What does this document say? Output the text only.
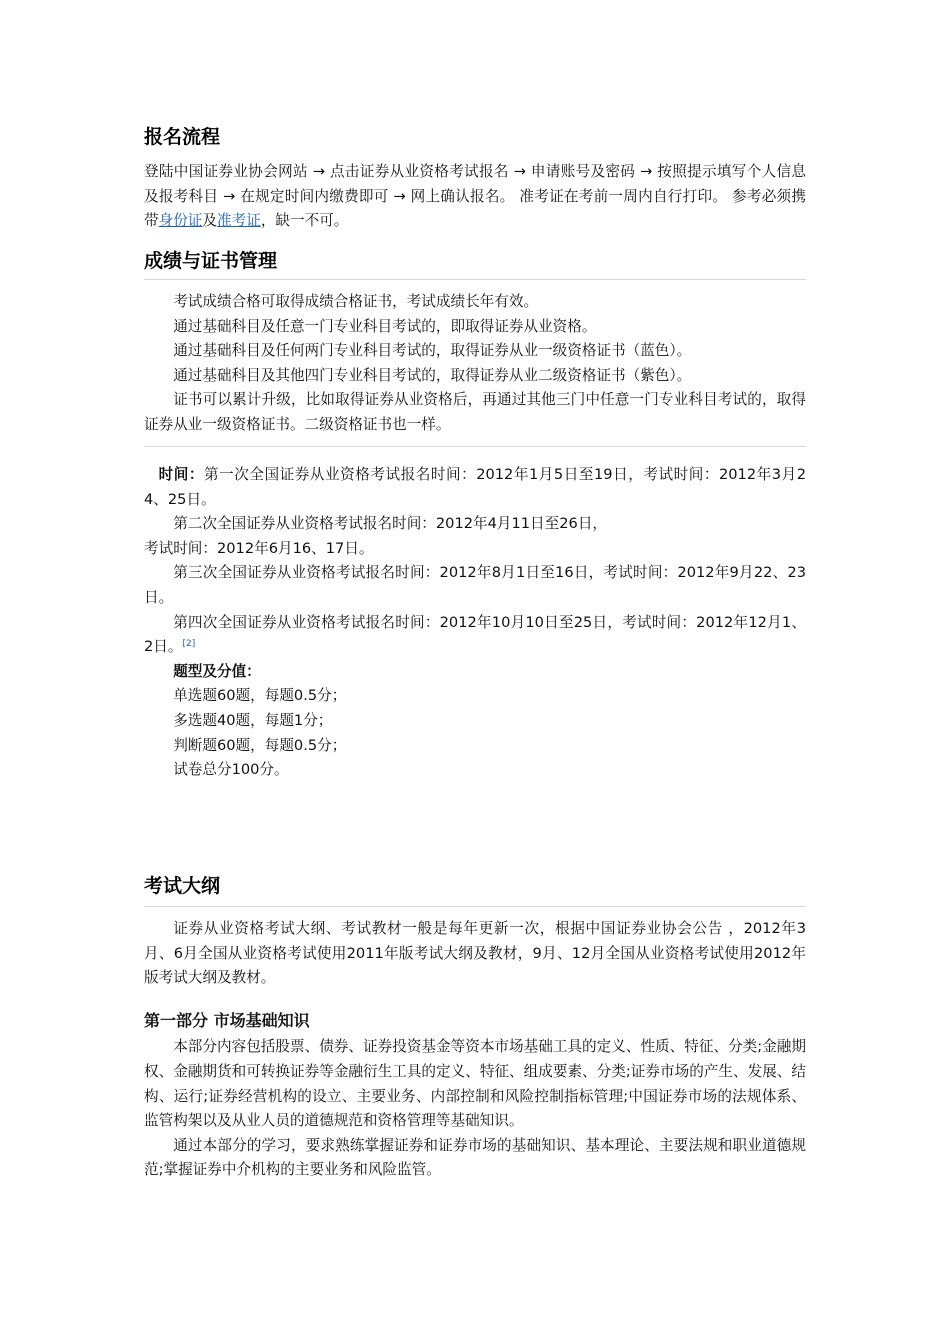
报名流程

登陆中国证券业协会网站 → 点击证券从业资格考试报名 → 申请账号及密码 → 按照提示填写个人信息及报考科目 → 在规定时间内缴费即可 → 网上确认报名。 准考证在考前一周内自行打印。 参考必须携带身份证及准考证，缺一不可。

成绩与证书管理

考试成绩合格可取得成绩合格证书，考试成绩长年有效。

通过基础科目及任意一门专业科目考试的，即取得证券从业资格。

通过基础科目及任何两门专业科目考试的，取得证券从业一级资格证书（蓝色）。

通过基础科目及其他四门专业科目考试的，取得证券从业二级资格证书（紫色）。

证书可以累计升级，比如取得证券从业资格后，再通过其他三门中任意一门专业科目考试的，取得证券从业一级资格证书。二级资格证书也一样。

时间：第一次全国证券从业资格考试报名时间：2012年1月5日至19日，考试时间：2012年3月24、25日。

第二次全国证券从业资格考试报名时间：2012年4月11日至26日，

考试时间：2012年6月16、17日。

第三次全国证券从业资格考试报名时间：2012年8月1日至16日，考试时间：2012年9月22、23日。

第四次全国证券从业资格考试报名时间：2012年10月10日至25日，考试时间：2012年12月1、2日。[2]

题型及分值：

单选题60题，每题0.5分；

多选题40题，每题1分；

判断题60题，每题0.5分；

试卷总分100分。

考试大纲

证券从业资格考试大纲、考试教材一般是每年更新一次，根据中国证券业协会公告 ，2012年3月、6月全国从业资格考试使用2011年版考试大纲及教材，9月、12月全国从业资格考试使用2012年版考试大纲及教材。

第一部分 市场基础知识

本部分内容包括股票、债券、证券投资基金等资本市场基础工具的定义、性质、特征、分类;金融期权、金融期货和可转换证券等金融衍生工具的定义、特征、组成要素、分类;证券市场的产生、发展、结构、运行;证券经营机构的设立、主要业务、内部控制和风险控制指标管理;中国证券市场的法规体系、监管构架以及从业人员的道德规范和资格管理等基础知识。

通过本部分的学习，要求熟练掌握证券和证券市场的基础知识、基本理论、主要法规和职业道德规范;掌握证券中介机构的主要业务和风险监管。
